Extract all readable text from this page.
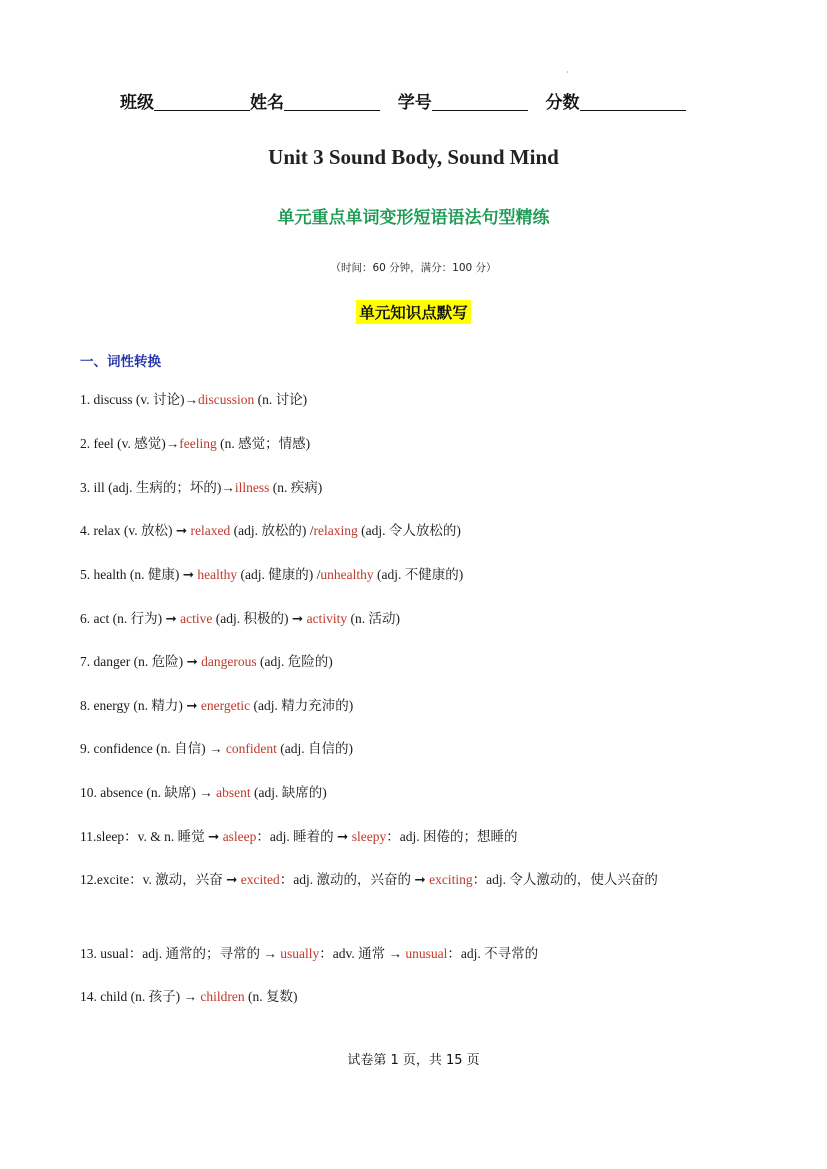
·
班级	姓名	学号	分数
Unit 3 Sound Body, Sound Mind
单元重点单词变形短语语法句型精练
（时间：60 分钟，满分：100 分）
单元知识点默写
一、词性转换
1. discuss (v. 讨论)→discussion (n. 讨论)
2. feel (v. 感觉)→feeling (n. 感觉；情感)
3. ill (adj. 生病的；坏的)→illness (n. 疾病)
4. relax (v. 放松) ➞ relaxed (adj. 放松的) /relaxing (adj. 令人放松的)
5. health (n. 健康) ➞ healthy (adj. 健康的) /unhealthy (adj. 不健康的)
6. act (n. 行为) ➞ active (adj. 积极的) ➞ activity (n. 活动)
7. danger (n. 危险) ➞ dangerous (adj. 危险的)
8. energy (n. 精力) ➞ energetic (adj. 精力充沛的)
9. confidence (n. 自信) → confident (adj. 自信的)
10. absence (n. 缺席) → absent (adj. 缺席的)
11.sleep：v. & n. 睡觉 ➞ asleep：adj. 睡着的 ➞ sleepy：adj. 困倦的；想睡的
12.excite：v. 激动，兴奋 ➞ excited：adj. 激动的，兴奋的 ➞ exciting：adj. 令人激动的，使人兴奋的
13. usual：adj. 通常的；寻常的 → usually：adv. 通常 → unusual：adj. 不寻常的
14. child (n. 孩子) → children (n. 复数)
试卷第 1 页，共 15 页
